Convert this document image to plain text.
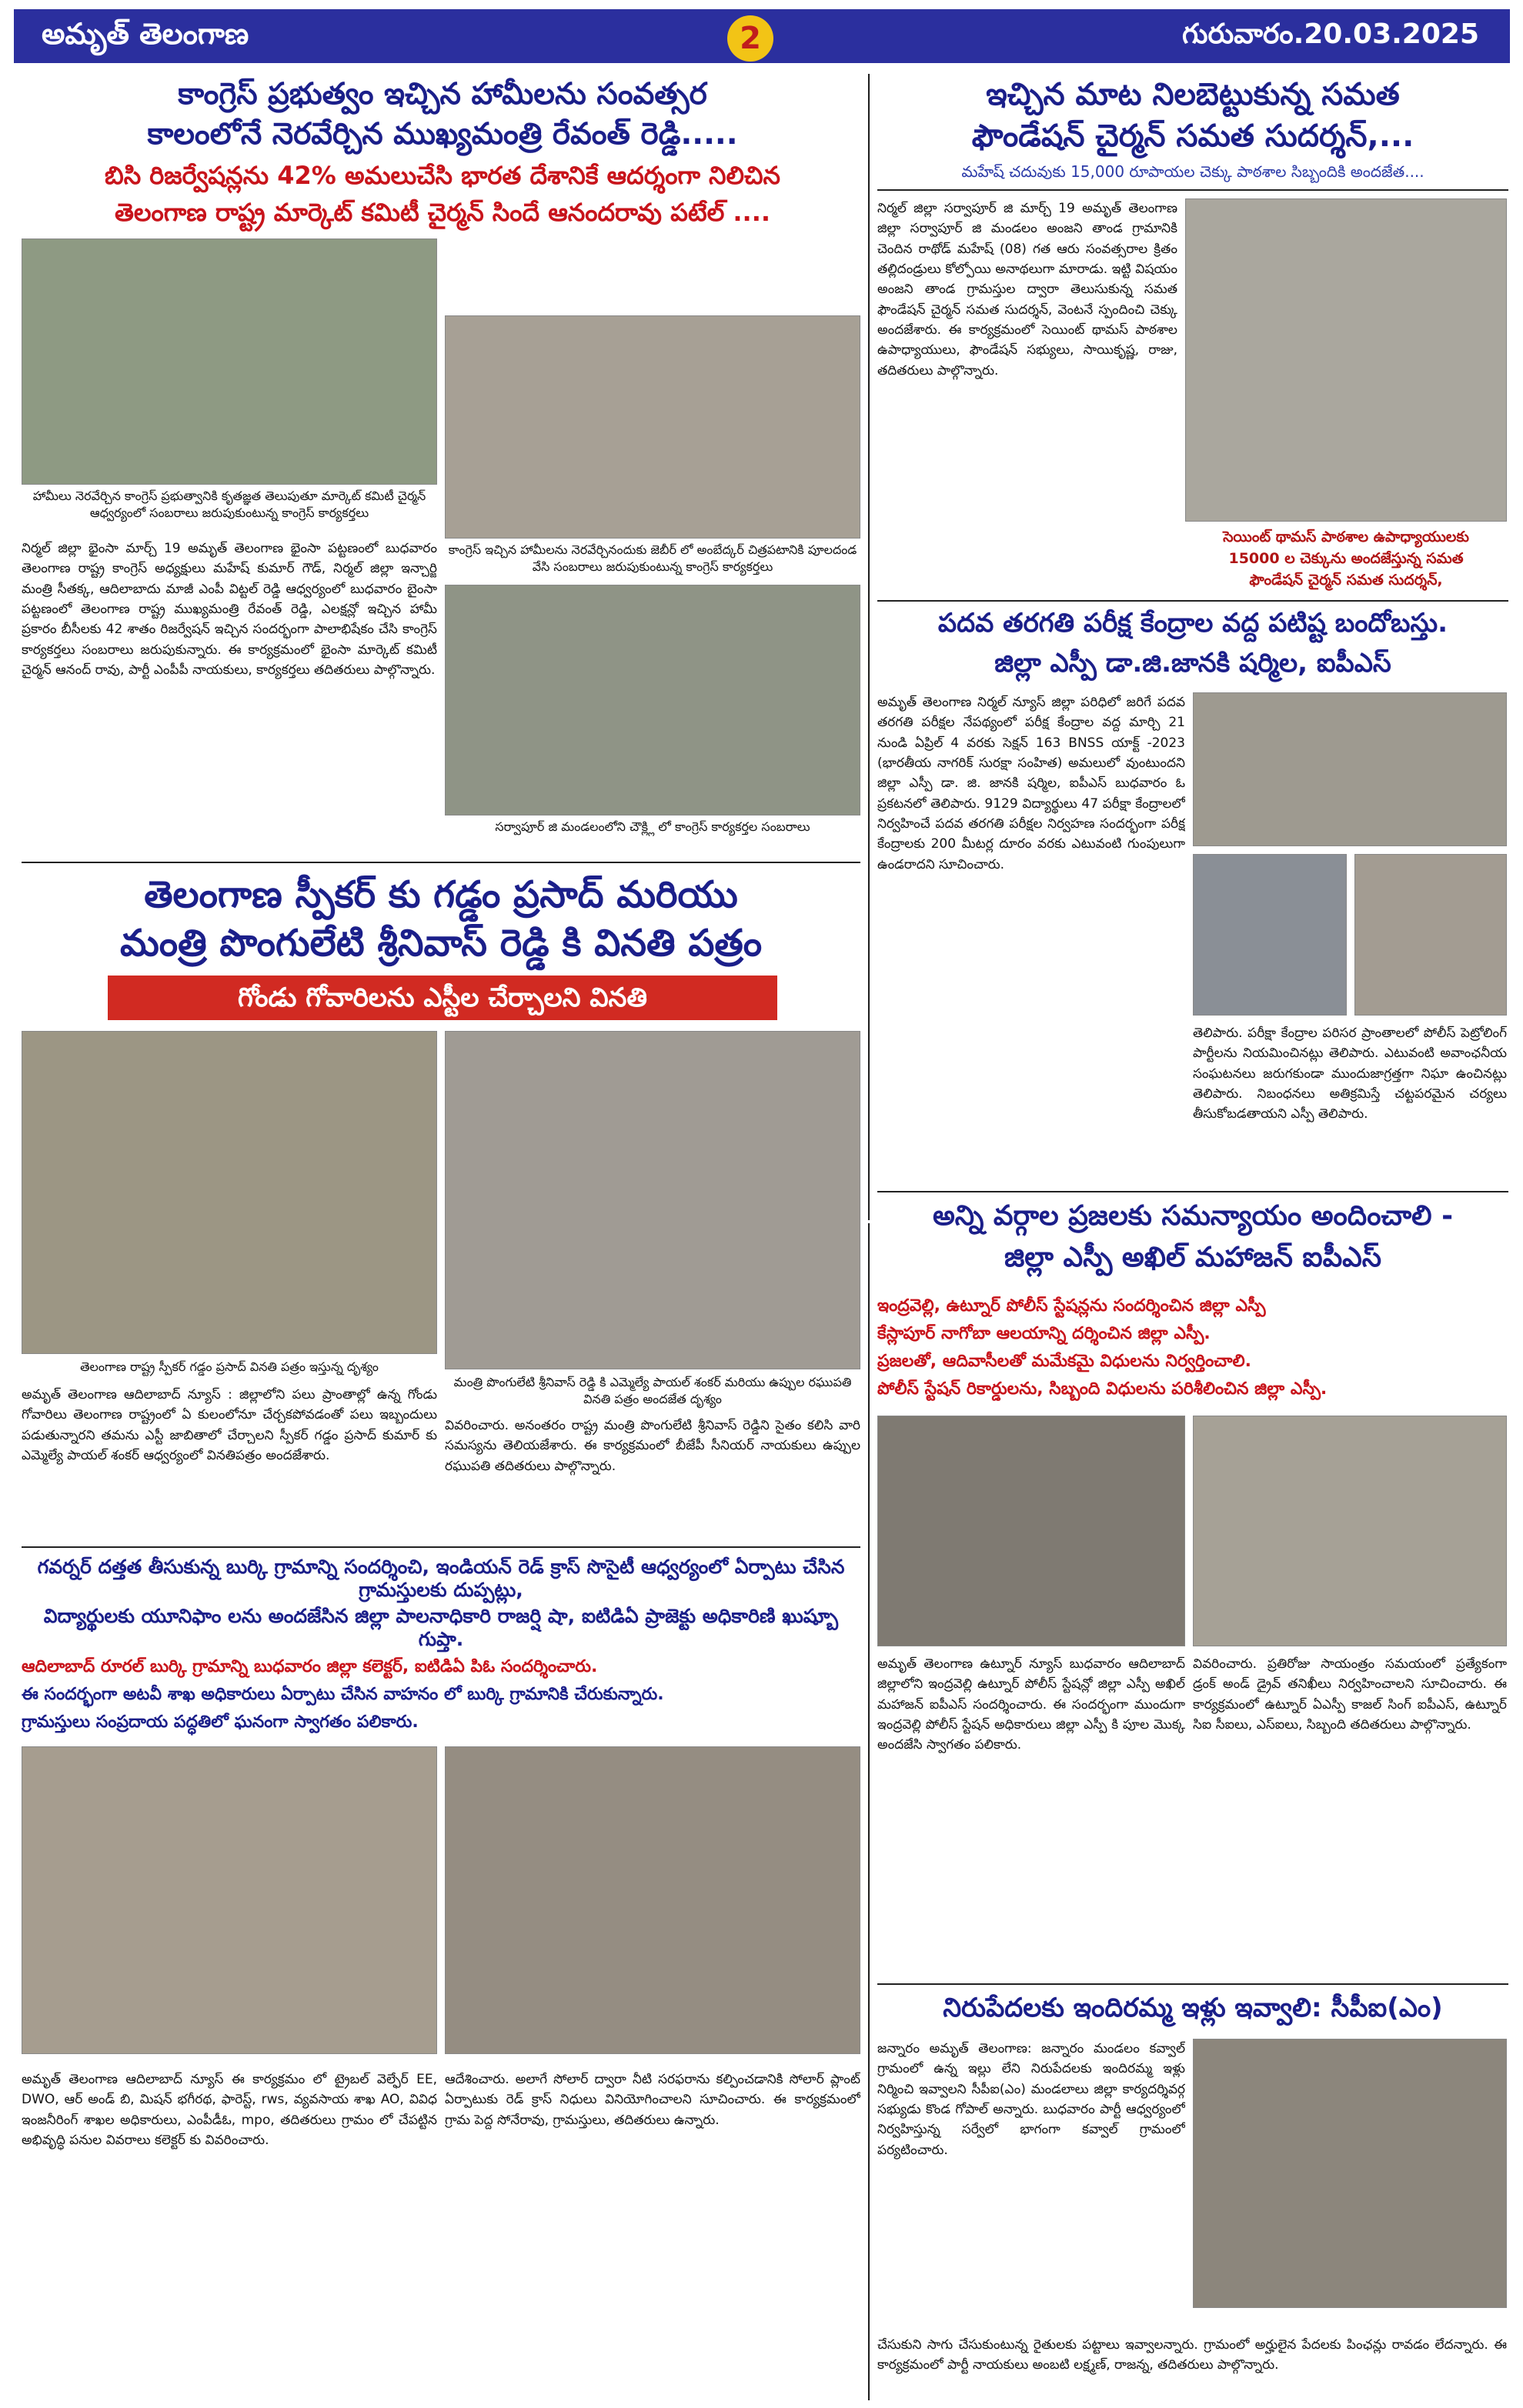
అమృత్ తెలంగాణ	గురువారం.20.03.2025
2
కాంగ్రెస్ ప్రభుత్వం ఇచ్చిన హామీలను సంవత్సర
కాలంలోనే నెరవేర్చిన ముఖ్యమంత్రి రేవంత్ రెడ్డి.....
బిసి రిజర్వేషన్లను 42% అమలుచేసి భారత దేశానికే ఆదర్శంగా నిలిచిన
తెలంగాణ రాష్ట్ర మార్కెట్ కమిటీ చైర్మన్ సిందే ఆనందరావు పటేల్ ....
హామీలు నెరవేర్చిన కాంగ్రెస్ ప్రభుత్వానికి కృతజ్ఞత తెలుపుతూ మార్కెట్ కమిటీ చైర్మన్ ఆధ్వర్యంలో సంబరాలు జరుపుకుంటున్న కాంగ్రెస్ కార్యకర్తలు
కాంగ్రెస్ ఇచ్చిన హామీలను నెరవేర్చినందుకు జెబీర్ లో అంబేద్కర్ చిత్రపటానికి పూలదండ వేసి సంబరాలు జరుపుకుంటున్న కాంగ్రెస్ కార్యకర్తలు
సర్వాపూర్ జి మండలంలోని చౌక్ల్లి లో కాంగ్రెస్ కార్యకర్తల సంబరాలు
నిర్మల్ జిల్లా భైంసా మార్చ్ 19 అమృత్ తెలంగాణ భైంసా పట్టణంలో బుధవారం తెలంగాణ రాష్ట్ర కాంగ్రెస్ అధ్యక్షులు మహేష్ కుమార్ గౌడ్, నిర్మల్ జిల్లా ఇన్చార్జి మంత్రి సీతక్క, ఆదిలాబాదు మాజీ ఎంపీ విట్టల్ రెడ్డి ఆధ్వర్యంలో బుధవారం బైంసా పట్టణంలో తెలంగాణ రాష్ట్ర ముఖ్యమంత్రి రేవంత్ రెడ్డి, ఎలక్షన్లో ఇచ్చిన హామీ ప్రకారం బీసీలకు 42 శాతం రిజర్వేషన్ ఇచ్చిన సందర్భంగా పాలాభిషేకం చేసి కాంగ్రెస్ కార్యకర్తలు సంబరాలు జరుపుకున్నారు. ఈ కార్యక్రమంలో భైంసా మార్కెట్ కమిటీ చైర్మన్ ఆనంద్ రావు, పార్టీ ఎంపీపీ నాయకులు, కార్యకర్తలు తదితరులు పాల్గొన్నారు.
తెలంగాణ స్పీకర్ కు గడ్డం ప్రసాద్ మరియు
మంత్రి పొంగులేటి శ్రీనివాస్ రెడ్డి కి వినతి పత్రం
గోండు గోవారిలను ఎస్టీల చేర్చాలని వినతి
తెలంగాణ రాష్ట్ర స్పీకర్ గడ్డం ప్రసాద్ వినతి పత్రం ఇస్తున్న దృశ్యం
మంత్రి పొంగులేటి శ్రీనివాస్ రెడ్డి కి ఎమ్మెల్యే పాయల్ శంకర్ మరియు ఉప్పుల రఘుపతి వినతి పత్రం అందజేత దృశ్యం
అమృత్ తెలంగాణ ఆదిలాబాద్ న్యూస్ : జిల్లాలోని పలు ప్రాంతాల్లో ఉన్న గోండు గోవారిలు తెలంగాణ రాష్ట్రంలో ఏ కులంలోనూ చేర్చకపోవడంతో పలు ఇబ్బందులు పడుతున్నారని తమను ఎస్టీ జాబితాలో చేర్చాలని స్పీకర్ గడ్డం ప్రసాద్ కుమార్ కు ఎమ్మెల్యే పాయల్ శంకర్ ఆధ్వర్యంలో వినతిపత్రం అందజేశారు.
వివరించారు. అనంతరం రాష్ట్ర మంత్రి పొంగులేటి శ్రీనివాస్ రెడ్డిని సైతం కలిసి వారి సమస్యను తెలియజేశారు. ఈ కార్యక్రమంలో బీజేపీ సీనియర్ నాయకులు ఉప్పుల రఘుపతి తదితరులు పాల్గొన్నారు.
ఇచ్చిన మాట నిలబెట్టుకున్న సమత
ఫౌండేషన్ చైర్మన్ సమత సుదర్శన్,...
మహేష్ చదువుకు 15,000 రూపాయల చెక్కు పాఠశాల సిబ్బందికి అందజేత....
నిర్మల్ జిల్లా సర్వాపూర్ జి మార్చ్ 19 అమృత్ తెలంగాణ జిల్లా సర్వాపూర్ జి మండలం అంజని తాండ గ్రామానికి చెందిన రాథోడ్ మహేష్ (08) గత ఆరు సంవత్సరాల క్రితం తల్లిదండ్రులు కోల్పోయి అనాథలుగా మారాడు. ఇట్టి విషయం అంజని తాండ గ్రామస్తుల ద్వారా తెలుసుకున్న సమత ఫౌండేషన్ చైర్మన్ సమత సుదర్శన్, వెంటనే స్పందించి చెక్కు అందజేశారు. ఈ కార్యక్రమంలో సెయింట్ థామస్ పాఠశాల ఉపాధ్యాయులు, ఫౌండేషన్ సభ్యులు, సాయికృష్ణ, రాజు, తదితరులు పాల్గొన్నారు.
సెయింట్ థామస్ పాఠశాల ఉపాధ్యాయులకు
15000 ల చెక్కును అందజేస్తున్న సమత
ఫౌండేషన్ చైర్మన్ సమత సుదర్శన్,
పదవ తరగతి పరీక్ష కేంద్రాల వద్ద పటిష్ట బందోబస్తు.
జిల్లా ఎస్పీ డా.జి.జానకి షర్మిల, ఐపీఎస్
అమృత్ తెలంగాణ నిర్మల్ న్యూస్ జిల్లా పరిధిలో జరిగే పదవ తరగతి పరీక్షల నేపథ్యంలో పరీక్ష కేంద్రాల వద్ద మార్చి 21 నుండి ఏప్రిల్ 4 వరకు సెక్షన్ 163 BNSS యాక్ట్ -2023 (భారతీయ నాగరిక్ సురక్షా సంహిత) అమలులో వుంటుందని జిల్లా ఎస్పీ డా. జి. జానకి షర్మిల, ఐపీఎస్ బుధవారం ఓ ప్రకటనలో తెలిపారు. 9129 విద్యార్థులు 47 పరీక్షా కేంద్రాలలో నిర్వహించే పదవ తరగతి పరీక్షల నిర్వహణ సందర్భంగా పరీక్ష కేంద్రాలకు 200 మీటర్ల దూరం వరకు ఎటువంటి గుంపులుగా ఉండరాదని సూచించారు.
తెలిపారు. పరీక్షా కేంద్రాల పరిసర ప్రాంతాలలో పోలీస్ పెట్రోలింగ్ పార్టీలను నియమించినట్లు తెలిపారు. ఎటువంటి అవాంఛనీయ సంఘటనలు జరుగకుండా ముందుజాగ్రత్తగా నిఘా ఉంచినట్లు తెలిపారు. నిబంధనలు అతిక్రమిస్తే చట్టపరమైన చర్యలు తీసుకోబడతాయని ఎస్పీ తెలిపారు.
అన్ని వర్గాల ప్రజలకు సమన్యాయం అందించాలి -
జిల్లా ఎస్పీ అఖిల్ మహాజన్ ఐపీఎస్
ఇంద్రవెల్లి, ఉట్నూర్ పోలీస్ స్టేషన్లను సందర్శించిన జిల్లా ఎస్పీ
కేస్లాపూర్ నాగోబా ఆలయాన్ని దర్శించిన జిల్లా ఎస్పీ.
ప్రజలతో, ఆదివాసీలతో మమేకమై విధులను నిర్వర్తించాలి.
పోలీస్ స్టేషన్ రికార్డులను, సిబ్బంది విధులను పరిశీలించిన జిల్లా ఎస్పీ.
అమృత్ తెలంగాణ ఉట్నూర్ న్యూస్ బుధవారం ఆదిలాబాద్ జిల్లాలోని ఇంద్రవెల్లి ఉట్నూర్ పోలీస్ స్టేషన్లో జిల్లా ఎస్పీ అఖిల్ మహాజన్ ఐపీఎస్ సందర్శించారు. ఈ సందర్భంగా ముందుగా ఇంద్రవెల్లి పోలీస్ స్టేషన్ అధికారులు జిల్లా ఎస్పీ కి పూల మొక్క అందజేసి స్వాగతం పలికారు.
వివరించారు. ప్రతిరోజు సాయంత్రం సమయంలో ప్రత్యేకంగా డ్రంక్ అండ్ డ్రైవ్ తనిఖీలు నిర్వహించాలని సూచించారు. ఈ కార్యక్రమంలో ఉట్నూర్ ఏఎస్పీ కాజల్ సింగ్ ఐపీఎస్, ఉట్నూర్ సిఐ సీఐలు, ఎస్ఐలు, సిబ్బంది తదితరులు పాల్గొన్నారు.
నిరుపేదలకు ఇందిరమ్మ ఇళ్లు ఇవ్వాలి: సీపీఐ(ఎం)
జన్నారం అమృత్ తెలంగాణ: జన్నారం మండలం కవ్వాల్ గ్రామంలో ఉన్న ఇల్లు లేని నిరుపేదలకు ఇందిరమ్మ ఇళ్లు నిర్మించి ఇవ్వాలని సీపీఐ(ఎం) మండలాలు జిల్లా కార్యదర్శివర్గ సభ్యుడు కొండ గోపాల్ అన్నారు. బుధవారం పార్టీ ఆధ్వర్యంలో నిర్వహిస్తున్న సర్వేలో భాగంగా కవ్వాల్ గ్రామంలో పర్యటించారు.
చేసుకుని సాగు చేసుకుంటున్న రైతులకు పట్టాలు ఇవ్వాలన్నారు. గ్రామంలో అర్హులైన పేదలకు పింఛన్లు రావడం లేదన్నారు. ఈ కార్యక్రమంలో పార్టీ నాయకులు అంబటి లక్ష్మణ్, రాజన్న, తదితరులు పాల్గొన్నారు.
గవర్నర్ దత్తత తీసుకున్న బుర్కి గ్రామాన్ని సందర్శించి, ఇండియన్ రెడ్ క్రాస్ సొసైటీ ఆధ్వర్యంలో ఏర్పాటు చేసిన గ్రామస్తులకు దుప్పట్లు,
విద్యార్థులకు యూనిఫాం లను అందజేసిన జిల్లా పాలనాధికారి రాజర్షి షా, ఐటిడిఏ ప్రాజెక్టు అధికారిణి ఖుష్బూ గుప్తా.
ఆదిలాబాద్ రూరల్ బుర్కి గ్రామాన్ని బుధవారం జిల్లా కలెక్టర్, ఐటిడిఏ పిఓ సందర్శించారు.
ఈ సందర్భంగా అటవీ శాఖ అధికారులు ఏర్పాటు చేసిన వాహనం లో బుర్కి గ్రామానికి చేరుకున్నారు.
గ్రామస్తులు సంప్రదాయ పద్ధతిలో ఘనంగా స్వాగతం పలికారు.
అమృత్ తెలంగాణ ఆదిలాబాద్ న్యూస్ ఈ కార్యక్రమం లో ట్రైబల్ వెల్ఫేర్ EE, DWO, ఆర్ అండ్ బి, మిషన్ భగీరథ, ఫారెస్ట్, rws, వ్యవసాయ శాఖ AO, వివిధ ఇంజనీరింగ్ శాఖల అధికారులు, ఎంపీడీఓ, mpo, తదితరులు గ్రామం లో చేపట్టిన అభివృద్ధి పనుల వివరాలు కలెక్టర్ కు వివరించారు.
ఆదేశించారు. అలాగే సోలార్ ద్వారా నీటి సరఫరాను కల్పించడానికి సోలార్ ప్లాంట్ ఏర్పాటుకు రెడ్ క్రాస్ నిధులు వినియోగించాలని సూచించారు. ఈ కార్యక్రమంలో గ్రామ పెద్ద సోనేరావు, గ్రామస్తులు, తదితరులు ఉన్నారు.
